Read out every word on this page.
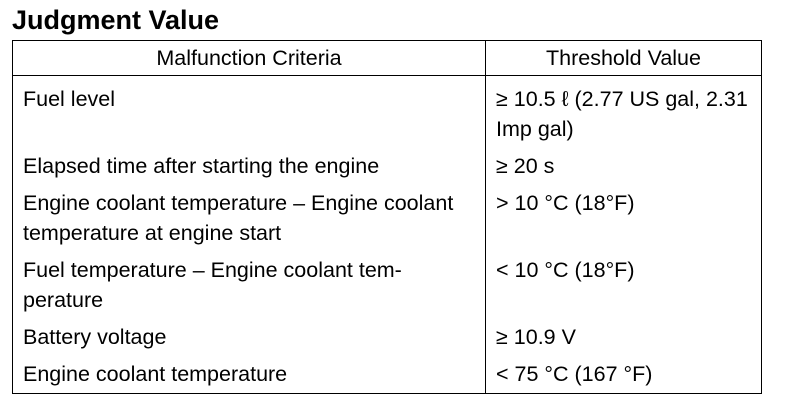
Judgment Value
Malfunction Criteria	Threshold Value

Fuel level	≥ 10.5 ℓ (2.77 US gal, 2.31 Imp gal)

Elapsed time after starting the engine	≥ 20 s

Engine coolant temperature – Engine coolant temperature at engine start	> 10 °C (18°F)

Fuel temperature – Engine coolant tem-perature	< 10 °C (18°F)

Battery voltage	≥ 10.9 V

Engine coolant temperature	< 75 °C (167 °F)
